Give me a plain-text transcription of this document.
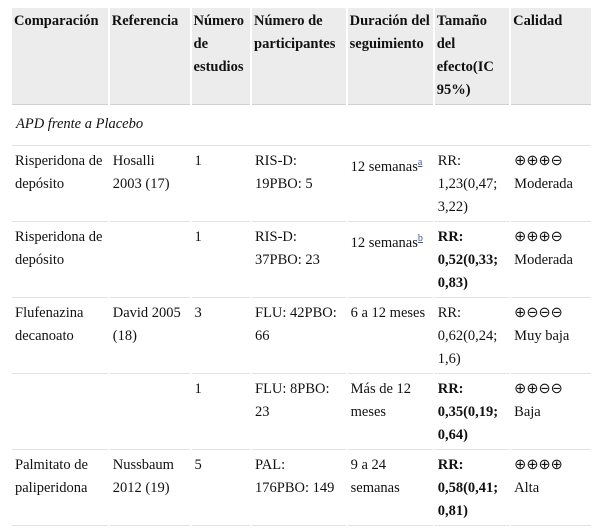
Comparación	Referencia	Número de estudios	Número de participantes	Duración del seguimiento	Tamaño del efecto(IC 95%)	Calidad
APD frente a Placebo						
Risperidona de depósito	Hosalli 2003 (17)	1	RIS-D: 19PBO: 5	12 semanas$^a$	RR: 1,23(0,47; 3,22)	⊕⊕⊕⊖ Moderada
Risperidona de depósito		1	RIS-D: 37PBO: 23	12 semanas$^b$	RR: 0,52(0,33; 0,83)	⊕⊕⊕⊖ Moderada
Flufenazina decanoato	David 2005 (18)	3	FLU: 42PBO: 66	6 a 12 meses	RR: 0,62(0,24; 1,6)	⊕⊖⊖⊖ Muy baja
		1	FLU: 8PBO: 23	Más de 12 meses	RR: 0,35(0,19; 0,64)	⊕⊕⊖⊖ Baja
Palmitato de paliperidona	Nussbaum 2012 (19)	5	PAL: 176PBO: 149	9 a 24 semanas	RR: 0,58(0,41; 0,81)	⊕⊕⊕⊕ Alta
